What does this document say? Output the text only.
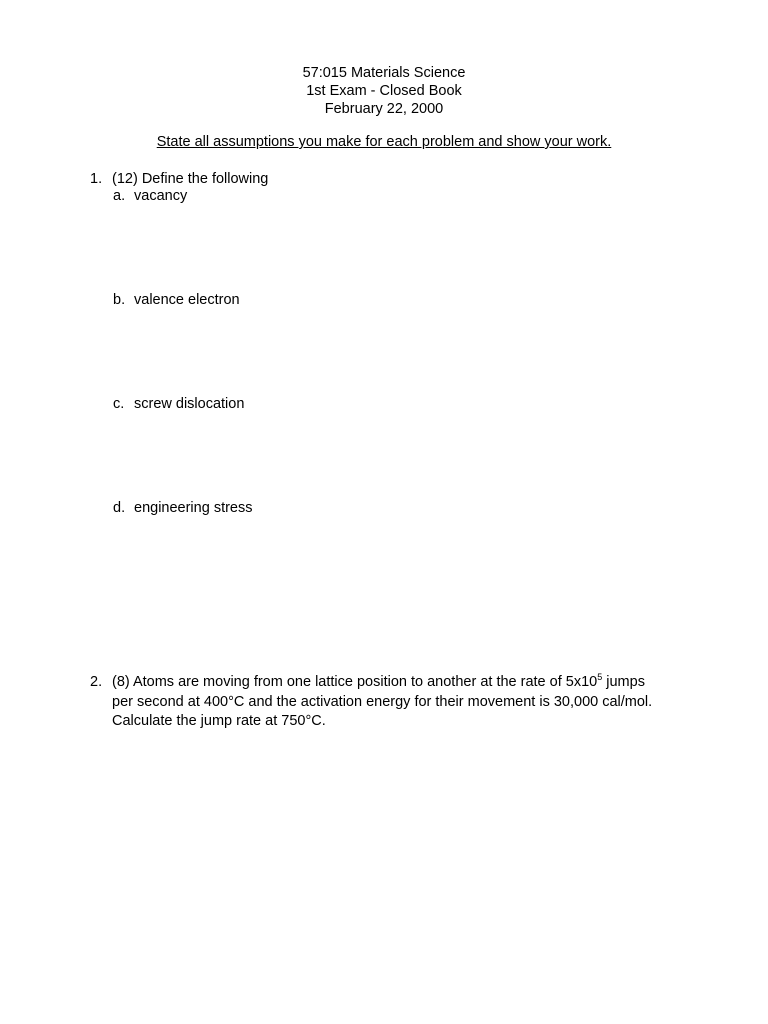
57:015 Materials Science
1st Exam - Closed Book
February 22, 2000
State all assumptions you make for each problem and show your work.
1. (12) Define the following
a. vacancy
b. valence electron
c. screw dislocation
d. engineering stress
2. (8) Atoms are moving from one lattice position to another at the rate of $5x10^5$ jumps
per second at 400°C and the activation energy for their movement is 30,000 cal/mol.
Calculate the jump rate at 750°C.
